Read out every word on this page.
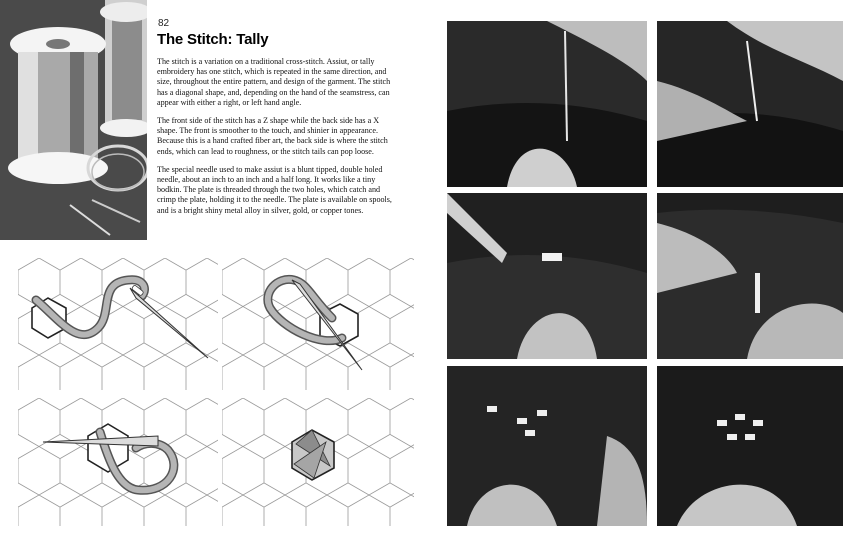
82
The Stitch: Tally

The stitch is a variation on a traditional cross-stitch. Assiut, or tally embroidery has one stitch, which is repeated in the same direction, and size, throughout the entire pattern, and design of the garment. The stitch has a diagonal shape, and, depending on the hand of the seamstress, can appear with either a right, or left hand angle.

The front side of the stitch has a Z shape while the back side has a X shape. The front is smoother to the touch, and shinier in appearance. Because this is a hand crafted fiber art, the back side is where the stitch ends, which can lead to roughness, or the stitch tails can pop loose.

The special needle used to make assiut is a blunt tipped, double holed needle, about an inch to an inch and a half long. It works like a tiny bodkin. The plate is threaded through the two holes, which catch and crimp the plate, holding it to the needle. The plate is available on spools, and is a bright shiny metal alloy in silver, gold, or copper tones.
